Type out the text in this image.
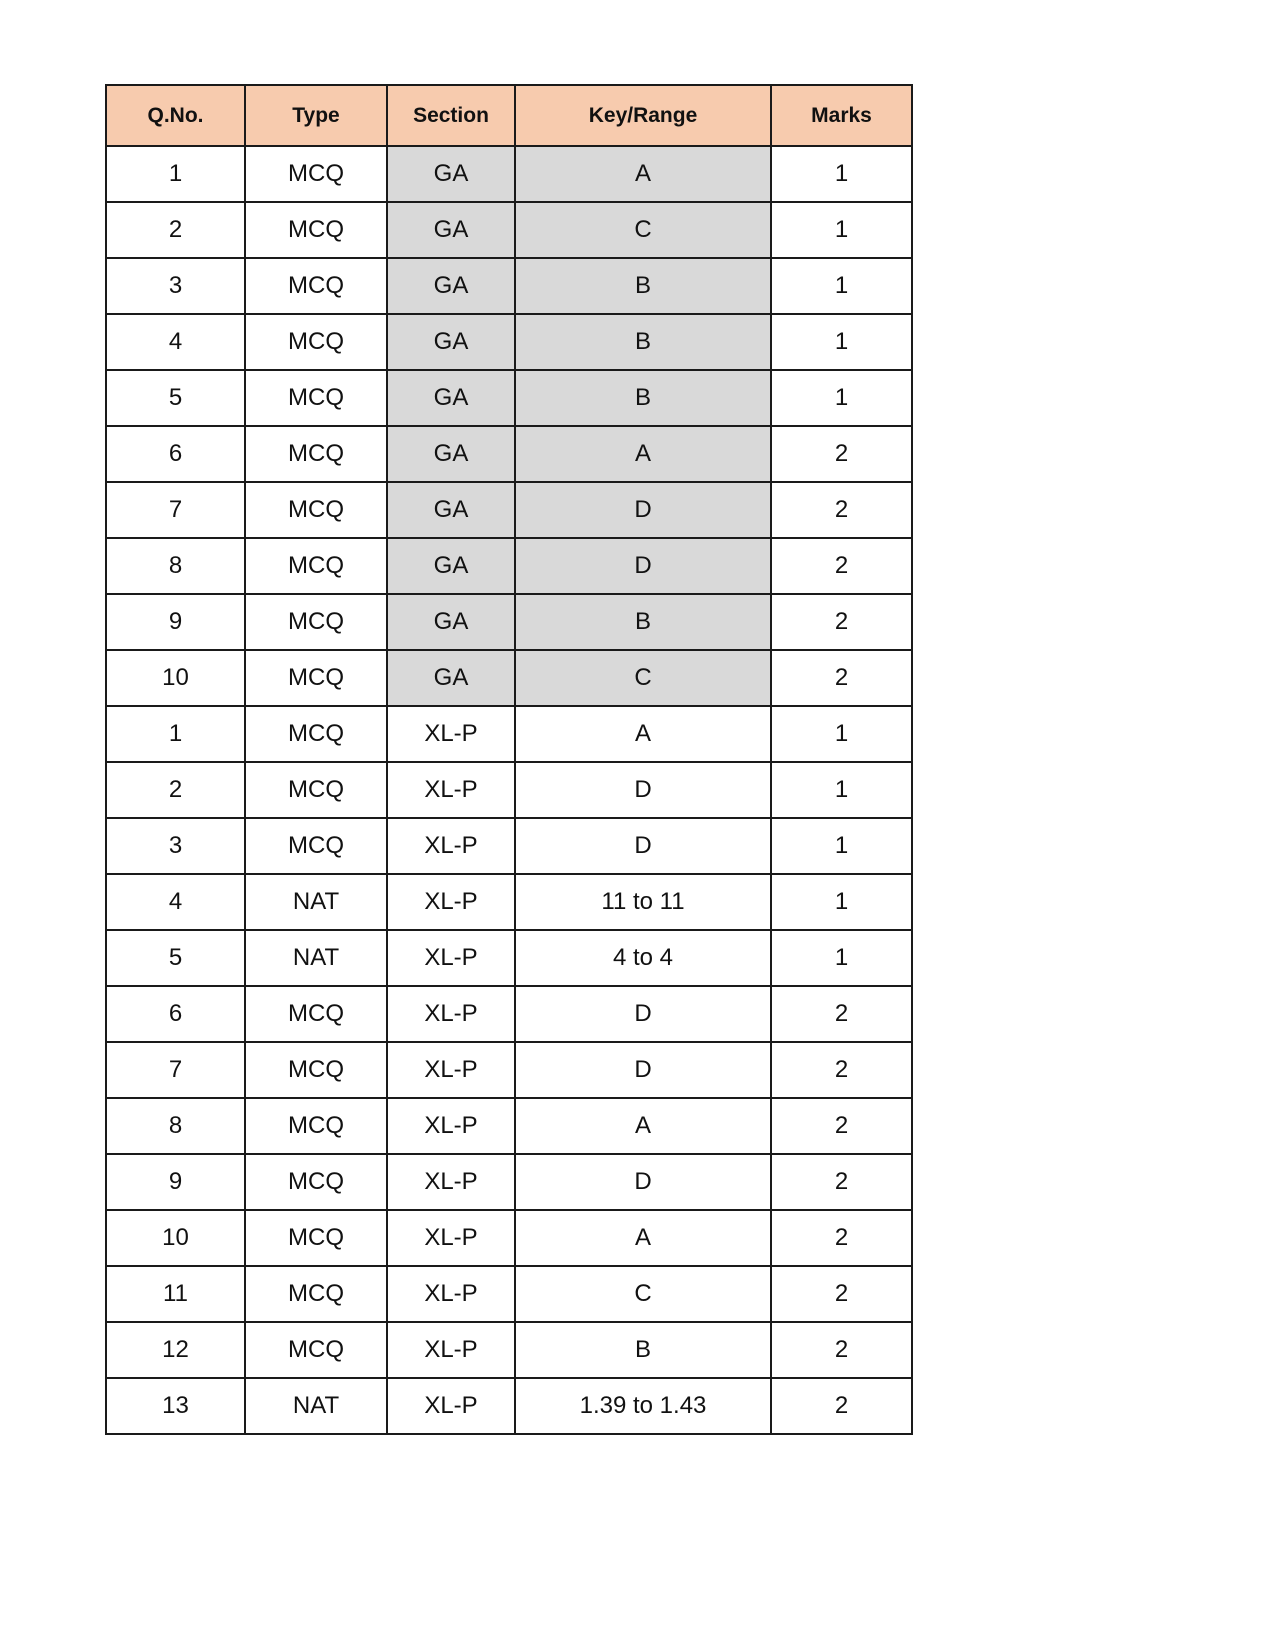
Q.No.	Type	Section	Key/Range	Marks
1	MCQ	GA	A	1
2	MCQ	GA	C	1
3	MCQ	GA	B	1
4	MCQ	GA	B	1
5	MCQ	GA	B	1
6	MCQ	GA	A	2
7	MCQ	GA	D	2
8	MCQ	GA	D	2
9	MCQ	GA	B	2
10	MCQ	GA	C	2
1	MCQ	XL-P	A	1
2	MCQ	XL-P	D	1
3	MCQ	XL-P	D	1
4	NAT	XL-P	11 to 11	1
5	NAT	XL-P	4 to 4	1
6	MCQ	XL-P	D	2
7	MCQ	XL-P	D	2
8	MCQ	XL-P	A	2
9	MCQ	XL-P	D	2
10	MCQ	XL-P	A	2
11	MCQ	XL-P	C	2
12	MCQ	XL-P	B	2
13	NAT	XL-P	1.39 to 1.43	2
